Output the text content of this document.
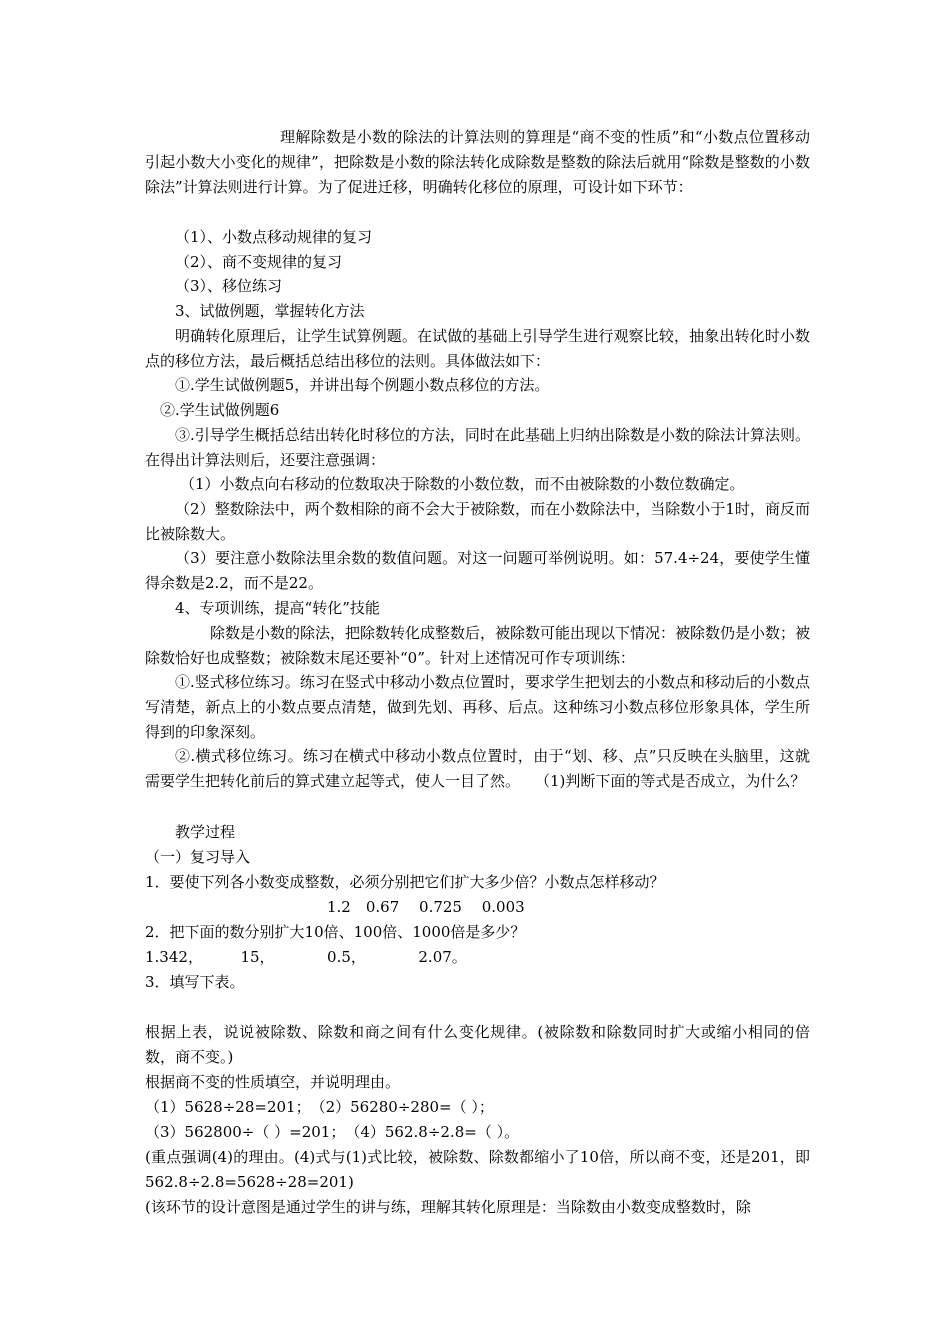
理解除数是小数的除法的计算法则的算理是“商不变的性质”和“小数点位置移动引起小数大小变化的规律”，把除数是小数的除法转化成除数是整数的除法后就用“除数是整数的小数除法”计算法则进行计算。为了促进迁移，明确转化移位的原理，可设计如下环节：

（1）、小数点移动规律的复习

（2）、商不变规律的复习

（3）、移位练习

3、试做例题，掌握转化方法

明确转化原理后，让学生试算例题。在试做的基础上引导学生进行观察比较，抽象出转化时小数点的移位方法，最后概括总结出移位的法则。具体做法如下：

①.学生试做例题5，并讲出每个例题小数点移位的方法。

②.学生试做例题6

③.引导学生概括总结出转化时移位的方法，同时在此基础上归纳出除数是小数的除法计算法则。在得出计算法则后，还要注意强调：

（1）小数点向右移动的位数取决于除数的小数位数，而不由被除数的小数位数确定。

（2）整数除法中，两个数相除的商不会大于被除数，而在小数除法中，当除数小于1时，商反而比被除数大。

（3）要注意小数除法里余数的数值问题。对这一问题可举例说明。如：57.4÷24，要使学生懂得余数是2.2，而不是22。

4、专项训练，提高“转化”技能

除数是小数的除法，把除数转化成整数后，被除数可能出现以下情况：被除数仍是小数；被除数恰好也成整数；被除数末尾还要补“0”。针对上述情况可作专项训练：

①.竖式移位练习。练习在竖式中移动小数点位置时，要求学生把划去的小数点和移动后的小数点写清楚，新点上的小数点要点清楚，做到先划、再移、后点。这种练习小数点移位形象具体，学生所得到的印象深刻。

②.横式移位练习。练习在横式中移动小数点位置时，由于“划、移、点”只反映在头脑里，这就需要学生把转化前后的算式建立起等式，使人一目了然。　　（1)判断下面的等式是否成立，为什么？

教学过程

（一）复习导入

1．要使下列各小数变成整数，必须分别把它们扩大多少倍？小数点怎样移动？

1.2　0.67　 0.725　 0.003

2．把下面的数分别扩大10倍、100倍、1000倍是多少？

1.342，　　　15，　　　　0.5，　　　　2.07。

3．填写下表。

根据上表，说说被除数、除数和商之间有什么变化规律。(被除数和除数同时扩大或缩小相同的倍数，商不变。)

根据商不变的性质填空，并说明理由。

（1）5628÷28=201；　（2）56280÷280=（ ）；

（3）562800÷（ ）=201；　（4）562.8÷2.8=（ ）。

(重点强调(4)的理由。(4)式与(1)式比较，被除数、除数都缩小了10倍，所以商不变，还是201，即562.8÷2.8=5628÷28=201)

(该环节的设计意图是通过学生的讲与练，理解其转化原理是：当除数由小数变成整数时，除
